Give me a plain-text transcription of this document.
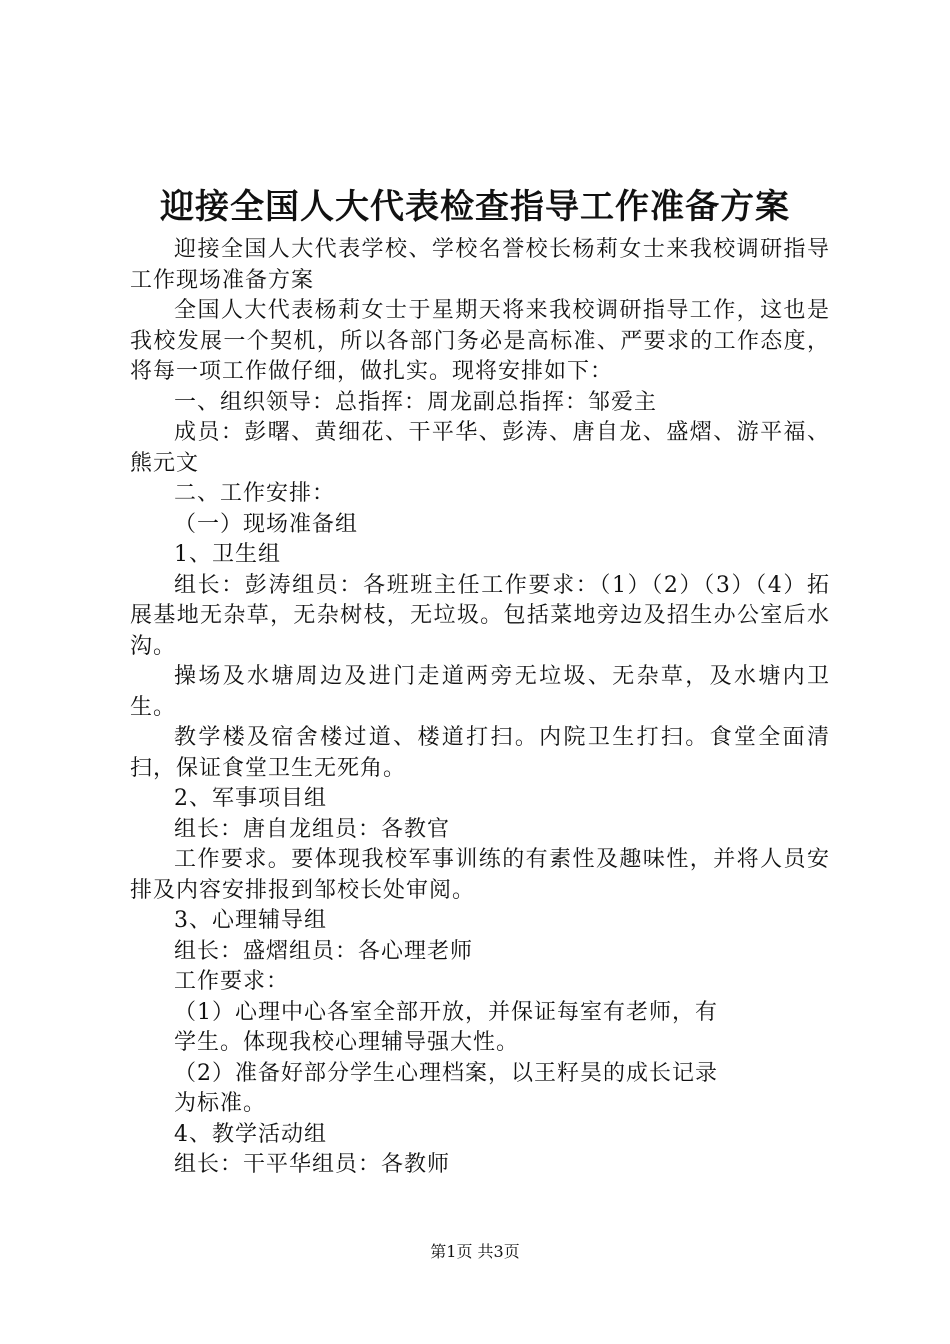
迎接全国人大代表检查指导工作准备方案

迎接全国人大代表学校、学校名誉校长杨莉女士来我校调研指导工作现场准备方案

全国人大代表杨莉女士于星期天将来我校调研指导工作，这也是我校发展一个契机，所以各部门务必是高标准、严要求的工作态度，将每一项工作做仔细，做扎实。现将安排如下：

一、组织领导：总指挥：周龙副总指挥：邹爱主

成员：彭曙、黄细花、干平华、彭涛、唐自龙、盛熠、游平福、熊元文

二、工作安排：

（一）现场准备组

1、卫生组

组长：彭涛组员：各班班主任工作要求：（1）（2）（3）（4）拓展基地无杂草，无杂树枝，无垃圾。包括菜地旁边及招生办公室后水沟。

操场及水塘周边及进门走道两旁无垃圾、无杂草，及水塘内卫生。

教学楼及宿舍楼过道、楼道打扫。内院卫生打扫。食堂全面清扫，保证食堂卫生无死角。

2、军事项目组

组长：唐自龙组员：各教官

工作要求。要体现我校军事训练的有素性及趣味性，并将人员安排及内容安排报到邹校长处审阅。

3、心理辅导组

组长：盛熠组员：各心理老师

工作要求：

（1）心理中心各室全部开放，并保证每室有老师，有

学生。体现我校心理辅导强大性。

（2）准备好部分学生心理档案，以王籽昊的成长记录

为标准。

4、教学活动组

组长：干平华组员：各教师

第1页 共3页
